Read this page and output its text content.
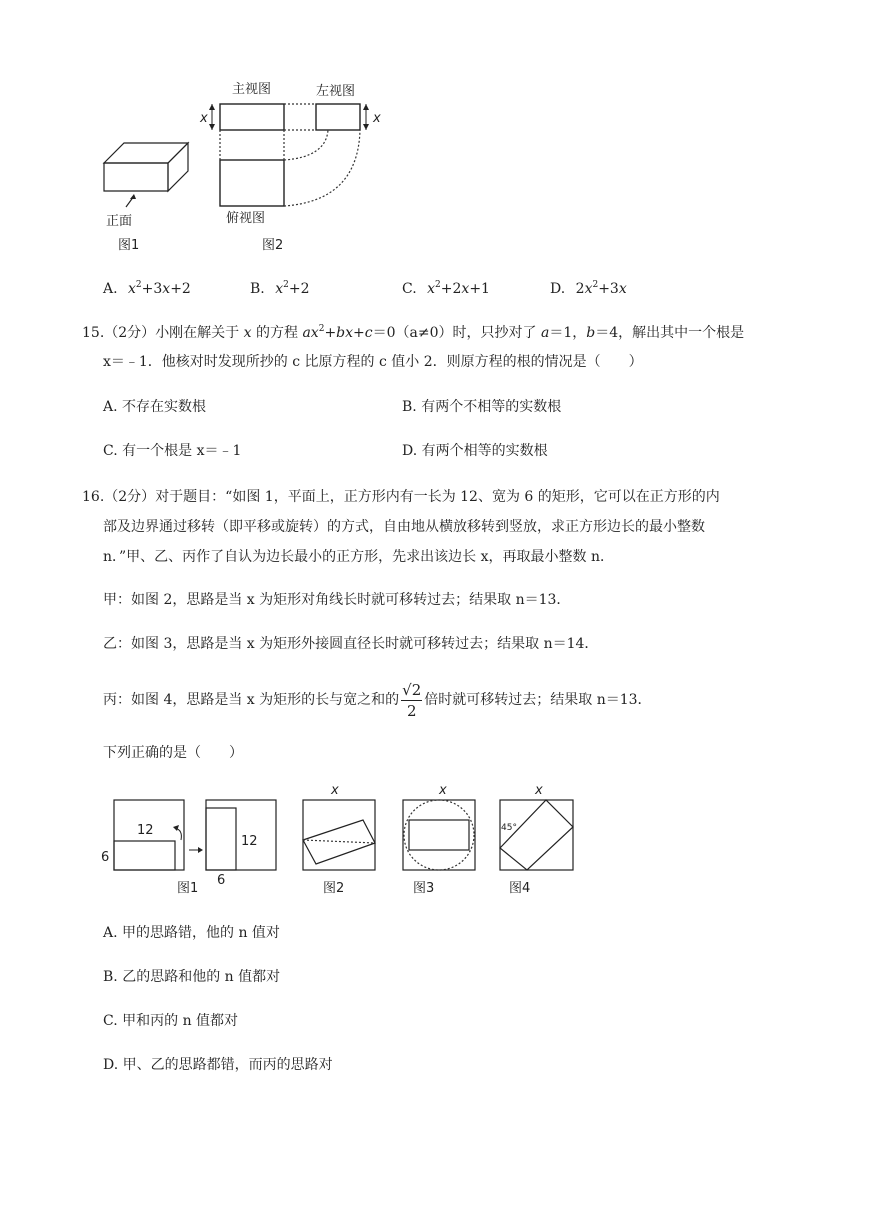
正面
图1
主视图	左视图
x	x
俯视图
图2
A. $x^2+3x+2$	B. $x^2+2$	C. $x^2+2x+1$	D. $2x^2+3x$
15.（2分）小刚在解关于 x 的方程 $ax^2+bx+c=0(a\ne 0)$时，只抄对了 a＝1，b＝4，解出其中一个根是
x＝﹣1．他核对时发现所抄的 c 比原方程的 c 值小 2．则原方程的根的情况是（　　）
A. 不存在实数根	B. 有两个不相等的实数根
C. 有一个根是 x＝﹣1	D. 有两个相等的实数根
16.（2分）对于题目：“如图 1，平面上，正方形内有一长为 12、宽为 6 的矩形，它可以在正方形的内
部及边界通过移转（即平移或旋转）的方式，自由地从横放移转到竖放，求正方形边长的最小整数
n．”甲、乙、丙作了自认为边长最小的正方形，先求出该边长 x，再取最小整数 n．
甲：如图 2，思路是当 x 为矩形对角线长时就可移转过去；结果取 n＝13．
乙：如图 3，思路是当 x 为矩形外接圆直径长时就可移转过去；结果取 n＝14．
丙：如图 4，思路是当 x 为矩形的长与宽之和的 $\frac{√2}{2}$ 倍时就可移转过去；结果取 n＝13．
下列正确的是（　　）
12
6
图1
12
6
x
图2
x
图3
x
45°
图4
A. 甲的思路错，他的 n 值对
B. 乙的思路和他的 n 值都对
C. 甲和丙的 n 值都对
D. 甲、乙的思路都错，而丙的思路对
